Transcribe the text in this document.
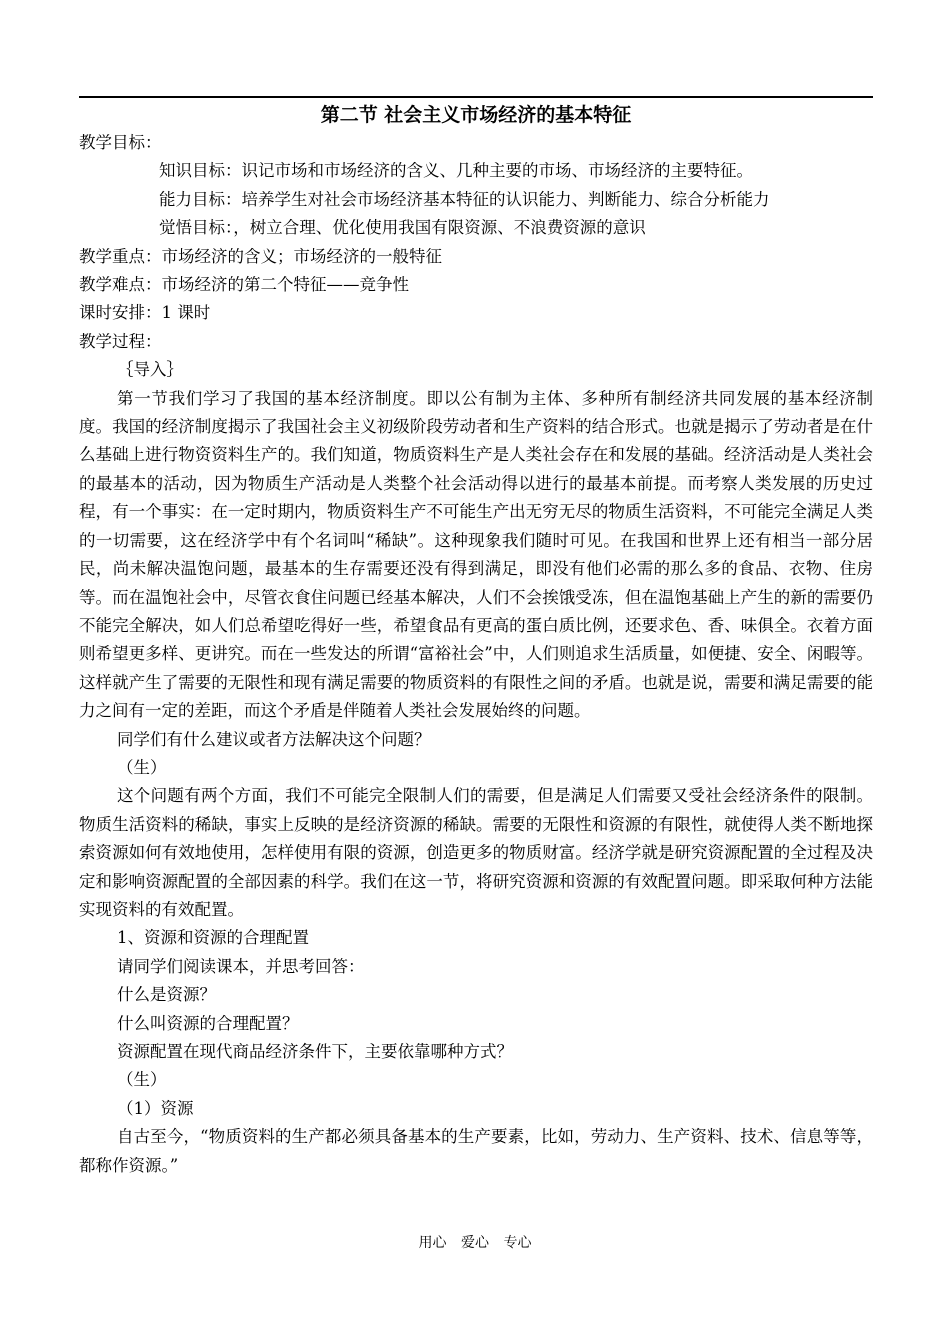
第二节 社会主义市场经济的基本特征

教学目标：

知识目标：识记市场和市场经济的含义、几种主要的市场、市场经济的主要特征。

能力目标：培养学生对社会市场经济基本特征的认识能力、判断能力、综合分析能力

觉悟目标：，树立合理、优化使用我国有限资源、不浪费资源的意识

教学重点：市场经济的含义；市场经济的一般特征

教学难点：市场经济的第二个特征——竞争性

课时安排：1 课时

教学过程：

｛导入｝

第一节我们学习了我国的基本经济制度。即以公有制为主体、多种所有制经济共同发展的基本经济制度。我国的经济制度揭示了我国社会主义初级阶段劳动者和生产资料的结合形式。也就是揭示了劳动者是在什么基础上进行物资资料生产的。我们知道，物质资料生产是人类社会存在和发展的基础。经济活动是人类社会的最基本的活动，因为物质生产活动是人类整个社会活动得以进行的最基本前提。而考察人类发展的历史过程，有一个事实：在一定时期内，物质资料生产不可能生产出无穷无尽的物质生活资料，不可能完全满足人类的一切需要，这在经济学中有个名词叫“稀缺”。这种现象我们随时可见。在我国和世界上还有相当一部分居民，尚未解决温饱问题，最基本的生存需要还没有得到满足，即没有他们必需的那么多的食品、衣物、住房等。而在温饱社会中，尽管衣食住问题已经基本解决，人们不会挨饿受冻，但在温饱基础上产生的新的需要仍不能完全解决，如人们总希望吃得好一些，希望食品有更高的蛋白质比例，还要求色、香、味俱全。衣着方面则希望更多样、更讲究。而在一些发达的所谓“富裕社会”中，人们则追求生活质量，如便捷、安全、闲暇等。这样就产生了需要的无限性和现有满足需要的物质资料的有限性之间的矛盾。也就是说，需要和满足需要的能力之间有一定的差距，而这个矛盾是伴随着人类社会发展始终的问题。

同学们有什么建议或者方法解决这个问题？

（生）

这个问题有两个方面，我们不可能完全限制人们的需要，但是满足人们需要又受社会经济条件的限制。物质生活资料的稀缺，事实上反映的是经济资源的稀缺。需要的无限性和资源的有限性，就使得人类不断地探索资源如何有效地使用，怎样使用有限的资源，创造更多的物质财富。经济学就是研究资源配置的全过程及决定和影响资源配置的全部因素的科学。我们在这一节，将研究资源和资源的有效配置问题。即采取何种方法能实现资料的有效配置。

1、资源和资源的合理配置

请同学们阅读课本，并思考回答：

什么是资源？

什么叫资源的合理配置？

资源配置在现代商品经济条件下，主要依靠哪种方式？

（生）

（1）资源

自古至今，“物质资料的生产都必须具备基本的生产要素，比如，劳动力、生产资料、技术、信息等等，都称作资源。”

用心 爱心 专心
